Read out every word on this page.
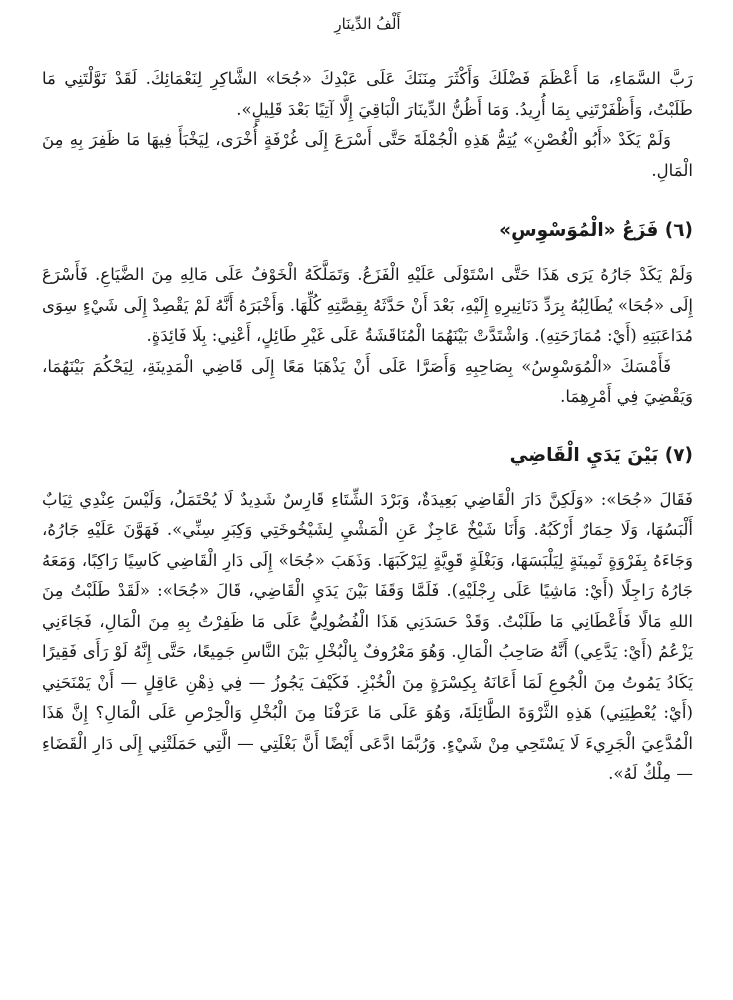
أَلْفُ الدِّينَارِ

رَبَّ السَّمَاءِ، مَا أَعْظَمَ فَضْلَكَ وَأَكْثَرَ مِنَنَكَ عَلَى عَبْدِكَ «جُحَا» الشَّاكِرِ لِنَعْمَائِكَ. لَقَدْ نَوَّلْتَنِي مَا طَلَبْتُ، وَأَظْفَرْتَنِي بِمَا أُرِيدُ. وَمَا أَظُنُّ الدِّينَارَ الْبَاقِيَ إِلَّا آتِيًا بَعْدَ قَلِيلٍ».

وَلَمْ يَكَدْ «أَبُو الْغُصْنِ» يُتِمُّ هَذِهِ الْجُمْلَةَ حَتَّى أَسْرَعَ إِلَى غُرْفَةٍ أُخْرَى، لِيَخْبَأَ فِيهَا مَا ظَفِرَ بِهِ مِنَ الْمَالِ.

(٦) فَزَعُ «الْمُوَسْوِسِ»

وَلَمْ يَكَدْ جَارُهُ يَرَى هَذَا حَتَّى اسْتَوْلَى عَلَيْهِ الْفَزَعُ. وَتَمَلَّكَهُ الْخَوْفُ عَلَى مَالِهِ مِنَ الضَّيَاعِ. فَأَسْرَعَ إِلَى «جُحَا» يُطَالِبُهُ بِرَدِّ دَنَانِيرِهِ إِلَيْهِ، بَعْدَ أَنْ حَدَّثَهُ بِقِصَّتِهِ كُلِّهَا. وَأَخْبَرَهُ أَنَّهُ لَمْ يَقْصِدْ إِلَى شَيْءٍ سِوَى مُدَاعَبَتِهِ (أَيْ: مُمَازَحَتِهِ). وَاشْتَدَّتْ بَيْنَهُمَا الْمُنَاقَشَةُ عَلَى غَيْرِ طَائِلٍ، أَعْنِي: بِلَا فَائِدَةٍ.

فَأَمْسَكَ «الْمُوَسْوِسُ» بِصَاحِبِهِ وَأَصَرَّا عَلَى أَنْ يَذْهَبَا مَعًا إِلَى قَاضِي الْمَدِينَةِ، لِيَحْكُمَ بَيْنَهُمَا، وَيَقْضِيَ فِي أَمْرِهِمَا.

(٧) بَيْنَ يَدَيِ الْقَاضِي

فَقَالَ «جُحَا»: «وَلَكِنَّ دَارَ الْقَاضِي بَعِيدَةٌ، وَبَرْدَ الشِّتَاءِ قَارِسٌ شَدِيدٌ لَا يُحْتَمَلُ، وَلَيْسَ عِنْدِي ثِيَابٌ أَلْبَسُهَا، وَلَا حِمَارٌ أَرْكَبُهُ. وَأَنَا شَيْخٌ عَاجِزٌ عَنِ الْمَشْيِ لِشَيْخُوخَتِي وَكِبَرِ سِنِّي». فَهَوَّنَ عَلَيْهِ جَارُهُ، وَجَاءَهُ بِفَرْوَةٍ ثَمِينَةٍ لِيَلْبَسَهَا، وَبَغْلَةٍ قَوِيَّةٍ لِيَرْكَبَهَا. وَذَهَبَ «جُحَا» إِلَى دَارِ الْقَاضِي كَاسِيًا رَاكِبًا، وَمَعَهُ جَارُهُ رَاجِلًا (أَيْ: مَاشِيًا عَلَى رِجْلَيْهِ). فَلَمَّا وَقَفَا بَيْنَ يَدَيِ الْقَاضِي، قَالَ «جُحَا»: «لَقَدْ طَلَبْتُ مِنَ اللهِ مَالًا فَأَعْطَانِي مَا طَلَبْتُ. وَقَدْ حَسَدَنِي هَذَا الْفُضُولِيُّ عَلَى مَا ظَفِرْتُ بِهِ مِنَ الْمَالِ، فَجَاءَنِي يَزْعُمُ (أَيْ: يَدَّعِي) أَنَّهُ صَاحِبُ الْمَالِ. وَهُوَ مَعْرُوفٌ بِالْبُخْلِ بَيْنَ النَّاسِ جَمِيعًا، حَتَّى إِنَّهُ لَوْ رَأَى فَقِيرًا يَكَادُ يَمُوتُ مِنَ الْجُوعِ لَمَا أَعَانَهُ بِكِسْرَةٍ مِنَ الْخُبْزِ. فَكَيْفَ يَجُوزُ — فِي ذِهْنِ عَاقِلٍ — أَنْ يَمْنَحَنِي (أَيْ: يُعْطِيَنِي) هَذِهِ الثَّرْوَةَ الطَّائِلَةَ، وَهُوَ عَلَى مَا عَرَفْنَا مِنَ الْبُخْلِ وَالْحِرْصِ عَلَى الْمَالِ؟ إِنَّ هَذَا الْمُدَّعِيَ الْجَرِيءَ لَا يَسْتَحِي مِنْ شَيْءٍ. وَرُبَّمَا ادَّعَى أَيْضًا أَنَّ بَغْلَتِي — الَّتِي حَمَلَتْنِي إِلَى دَارِ الْقَضَاءِ — مِلْكٌ لَهُ».
